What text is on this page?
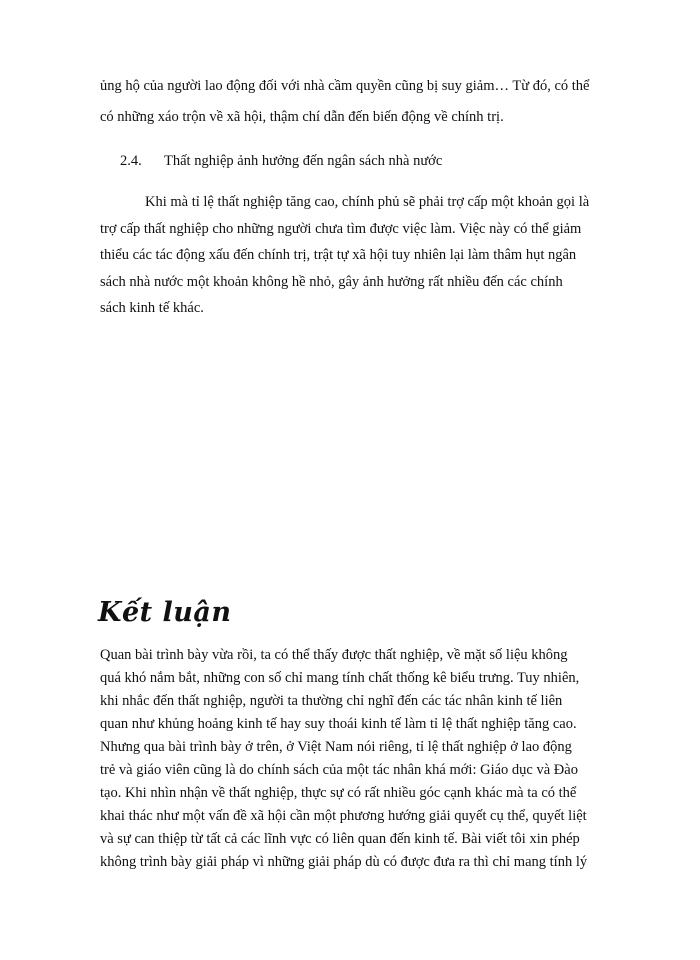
ủng hộ của người lao động đối với nhà cầm quyền cũng bị suy giảm… Từ đó, có thể
có những xáo trộn về xã hội, thậm chí dẫn đến biến động về chính trị.
2.4. Thất nghiệp ảnh hưởng đến ngân sách nhà nước
Khi mà tỉ lệ thất nghiệp tăng cao, chính phủ sẽ phải trợ cấp một khoản gọi là
trợ cấp thất nghiệp cho những người chưa tìm được việc làm. Việc này có thể giảm
thiểu các tác động xấu đến chính trị, trật tự xã hội tuy nhiên lại làm thâm hụt ngân
sách nhà nước một khoản không hề nhỏ, gây ảnh hưởng rất nhiều đến các chính
sách kinh tế khác.
Kết luận
Quan bài trình bày vừa rồi, ta có thể thấy được thất nghiệp, về mặt số liệu không
quá khó nắm bắt, những con số chỉ mang tính chất thống kê biểu trưng. Tuy nhiên,
khi nhắc đến thất nghiệp, người ta thường chỉ nghĩ đến các tác nhân kinh tế liên
quan như khủng hoảng kinh tế hay suy thoái kinh tế làm tỉ lệ thất nghiệp tăng cao.
Nhưng qua bài trình bày ở trên, ở Việt Nam nói riêng, tỉ lệ thất nghiệp ở lao động
trẻ và giáo viên cũng là do chính sách của một tác nhân khá mới: Giáo dục và Đào
tạo. Khi nhìn nhận về thất nghiệp, thực sự có rất nhiều góc cạnh khác mà ta có thể
khai thác như một vấn đề xã hội cần một phương hướng giải quyết cụ thể, quyết liệt
và sự can thiệp từ tất cả các lĩnh vực có liên quan đến kinh tế. Bài viết tôi xin phép
không trình bày giải pháp vì những giải pháp dù có được đưa ra thì chỉ mang tính lý
